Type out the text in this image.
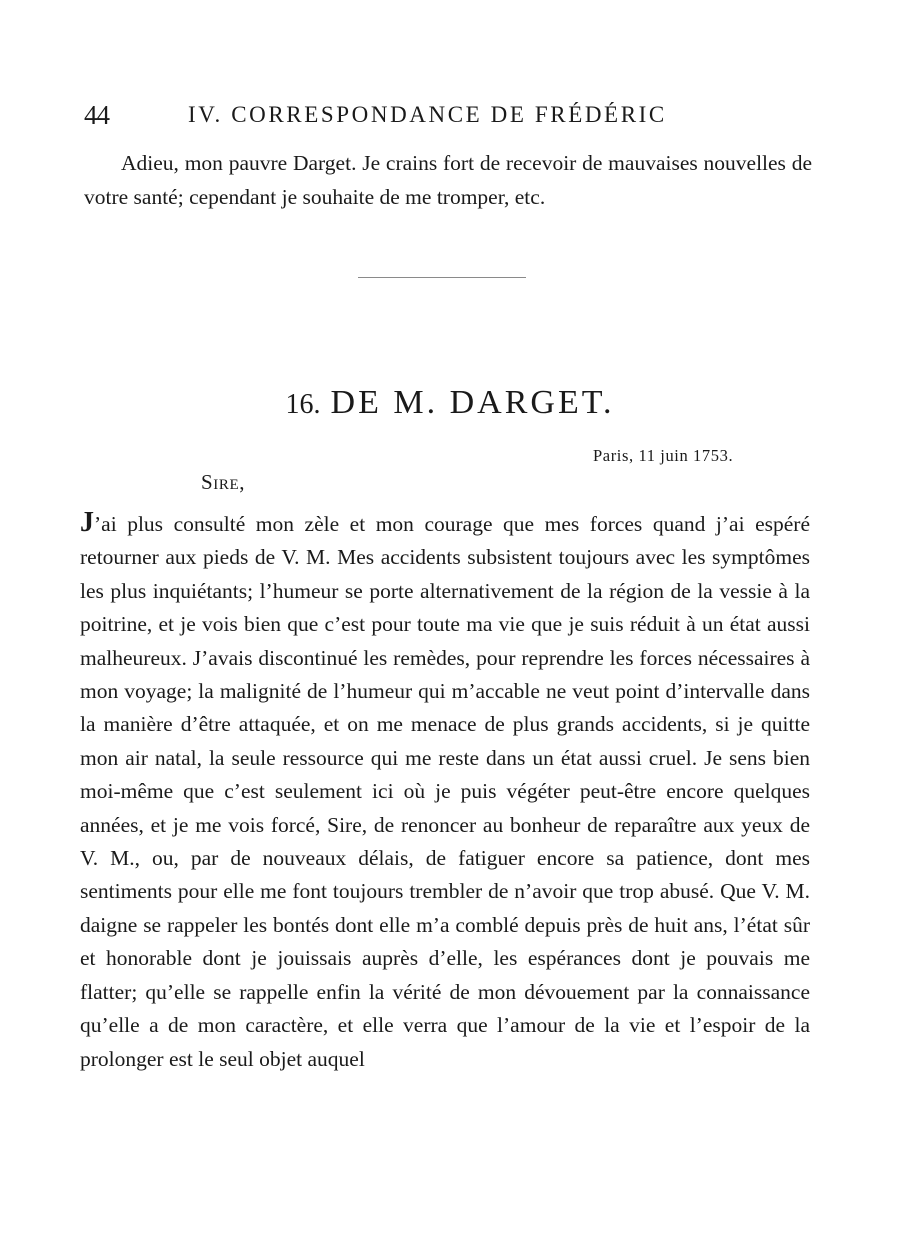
44	IV. CORRESPONDANCE DE FRÉDÉRIC

Adieu, mon pauvre Darget. Je crains fort de recevoir de mauvaises nouvelles de votre santé; cependant je souhaite de me tromper, etc.

16. DE M. DARGET.
Paris, 11 juin 1753.
Sire,

J’ai plus consulté mon zèle et mon courage que mes forces quand j’ai espéré retourner aux pieds de V. M. Mes accidents subsistent toujours avec les symptômes les plus inquiétants; l’humeur se porte alternativement de la région de la vessie à la poitrine, et je vois bien que c’est pour toute ma vie que je suis réduit à un état aussi malheureux. J’avais discontinué les remèdes, pour reprendre les forces nécessaires à mon voyage; la malignité de l’humeur qui m’accable ne veut point d’intervalle dans la manière d’être attaquée, et on me menace de plus grands accidents, si je quitte mon air natal, la seule ressource qui me reste dans un état aussi cruel. Je sens bien moi-même que c’est seulement ici où je puis végéter peut-être encore quelques années, et je me vois forcé, Sire, de renoncer au bonheur de reparaître aux yeux de V. M., ou, par de nouveaux délais, de fatiguer encore sa patience, dont mes sentiments pour elle me font toujours trembler de n’avoir que trop abusé. Que V. M. daigne se rappeler les bontés dont elle m’a comblé depuis près de huit ans, l’état sûr et honorable dont je jouissais auprès d’elle, les espérances dont je pouvais me flatter; qu’elle se rappelle enfin la vérité de mon dévouement par la connaissance qu’elle a de mon caractère, et elle verra que l’amour de la vie et l’espoir de la prolonger est le seul objet auquel
